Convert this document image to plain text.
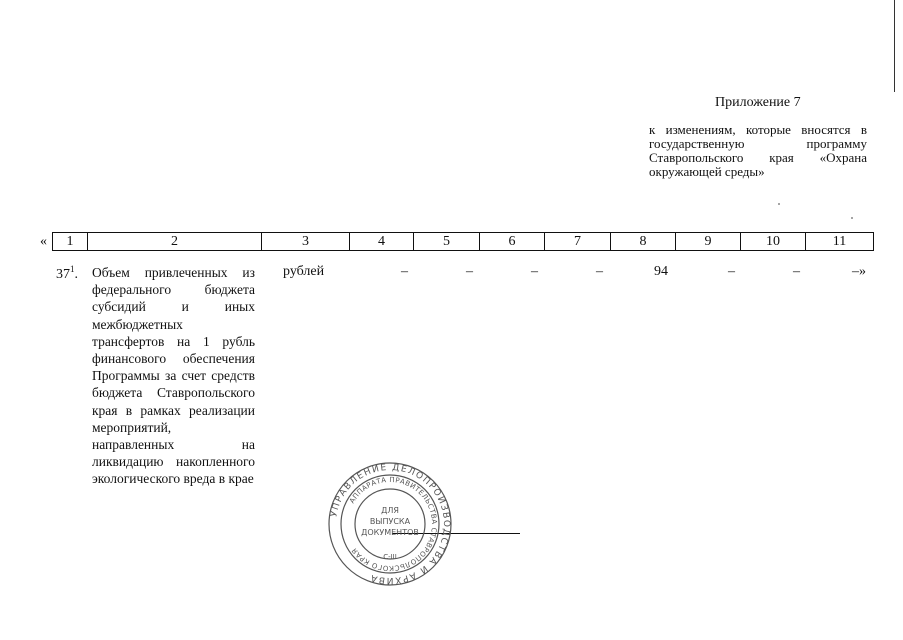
Приложение 7
к изменениям, которые вносятся в государственную программу Ставропольского края «Охрана окружающей среды»
«	1	2	3	4	5	6	7	8	9	10	11
$37^1$. Объем привлеченных из федерального бюджета субсидий и иных межбюджетных трансфертов на 1 рубль финансового обеспечения Программы за счет средств бюджета Ставропольского края в рамках реализации мероприятий, направленных на ликвидацию накопленного экологического вреда в крае
рублей	–	–	–	–	94	–	–	–»
УПРАВЛЕНИЕ ДЕЛОПРОИЗВОДСТВА И АРХИВА
АППАРАТА ПРАВИТЕЛЬСТВА СТАВРОПОЛЬСКОГО КРАЯ
ДЛЯ
ВЫПУСКА
ДОКУМЕНТОВ
С-III
